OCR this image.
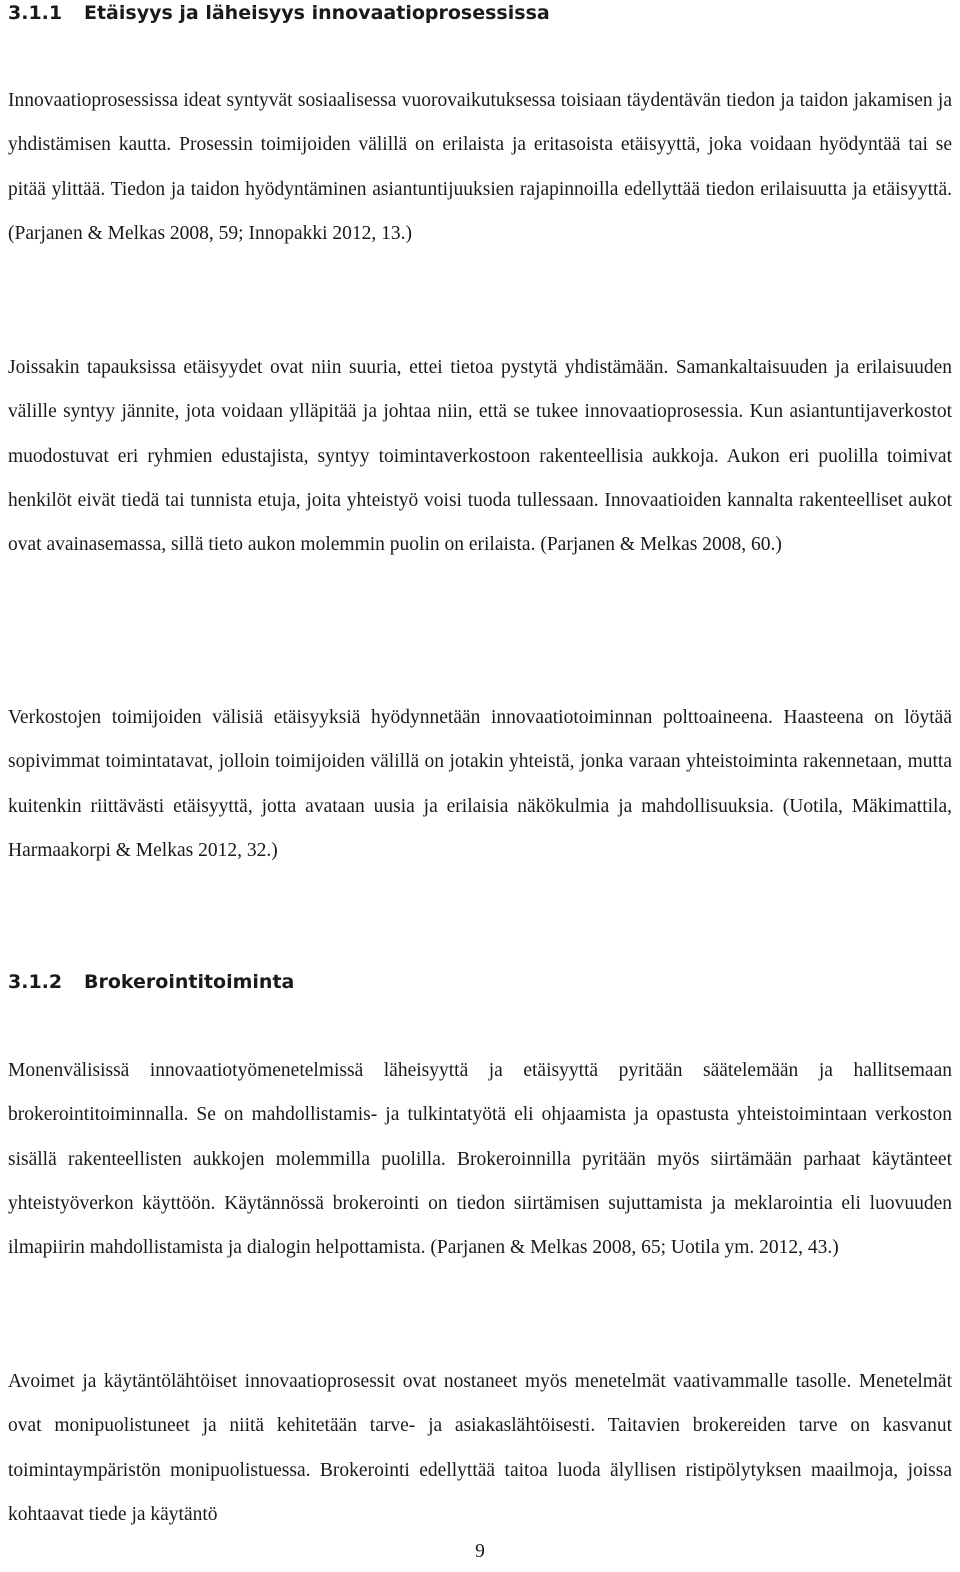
3.1.1 Etäisyys ja läheisyys innovaatioprosessissa

Innovaatioprosessissa ideat syntyvät sosiaalisessa vuorovaikutuksessa toisiaan täydentävän tiedon ja taidon jakamisen ja yhdistämisen kautta. Prosessin toimijoiden välillä on erilaista ja eritasoista etäisyyttä, joka voidaan hyödyntää tai se pitää ylittää. Tiedon ja taidon hyödyntäminen asiantuntijuuksien rajapinnoilla edellyttää tiedon erilaisuutta ja etäisyyttä. (Parjanen & Melkas 2008, 59; Innopakki 2012, 13.)

Joissakin tapauksissa etäisyydet ovat niin suuria, ettei tietoa pystytä yhdistämään. Samankaltaisuuden ja erilaisuuden välille syntyy jännite, jota voidaan ylläpitää ja johtaa niin, että se tukee innovaatioprosessia. Kun asiantuntijaverkostot muodostuvat eri ryhmien edustajista, syntyy toimintaverkostoon rakenteellisia aukkoja. Aukon eri puolilla toimivat henkilöt eivät tiedä tai tunnista etuja, joita yhteistyö voisi tuoda tullessaan. Innovaatioiden kannalta rakenteelliset aukot ovat avainasemassa, sillä tieto aukon molemmin puolin on erilaista. (Parjanen & Melkas 2008, 60.)

Verkostojen toimijoiden välisiä etäisyyksiä hyödynnetään innovaatiotoiminnan polttoaineena. Haasteena on löytää sopivimmat toimintatavat, jolloin toimijoiden välillä on jotakin yhteistä, jonka varaan yhteistoiminta rakennetaan, mutta kuitenkin riittävästi etäisyyttä, jotta avataan uusia ja erilaisia näkökulmia ja mahdollisuuksia. (Uotila, Mäkimattila, Harmaakorpi & Melkas 2012, 32.)

3.1.2 Brokerointitoiminta

Monenvälisissä innovaatiotyömenetelmissä läheisyyttä ja etäisyyttä pyritään säätelemään ja hallitsemaan brokerointitoiminnalla. Se on mahdollistamis- ja tulkintatyötä eli ohjaamista ja opastusta yhteistoimintaan verkoston sisällä rakenteellisten aukkojen molemmilla puolilla. Brokeroinnilla pyritään myös siirtämään parhaat käytänteet yhteistyöverkon käyttöön. Käytännössä brokerointi on tiedon siirtämisen sujuttamista ja meklarointia eli luovuuden ilmapiirin mahdollistamista ja dialogin helpottamista. (Parjanen & Melkas 2008, 65; Uotila ym. 2012, 43.)

Avoimet ja käytäntölähtöiset innovaatioprosessit ovat nostaneet myös menetelmät vaativammalle tasolle. Menetelmät ovat monipuolistuneet ja niitä kehitetään tarve- ja asiakaslähtöisesti. Taitavien brokereiden tarve on kasvanut toimintaympäristön monipuolistuessa. Brokerointi edellyttää taitoa luoda älyllisen ristipölytyksen maailmoja, joissa kohtaavat tiede ja käytäntö

9
